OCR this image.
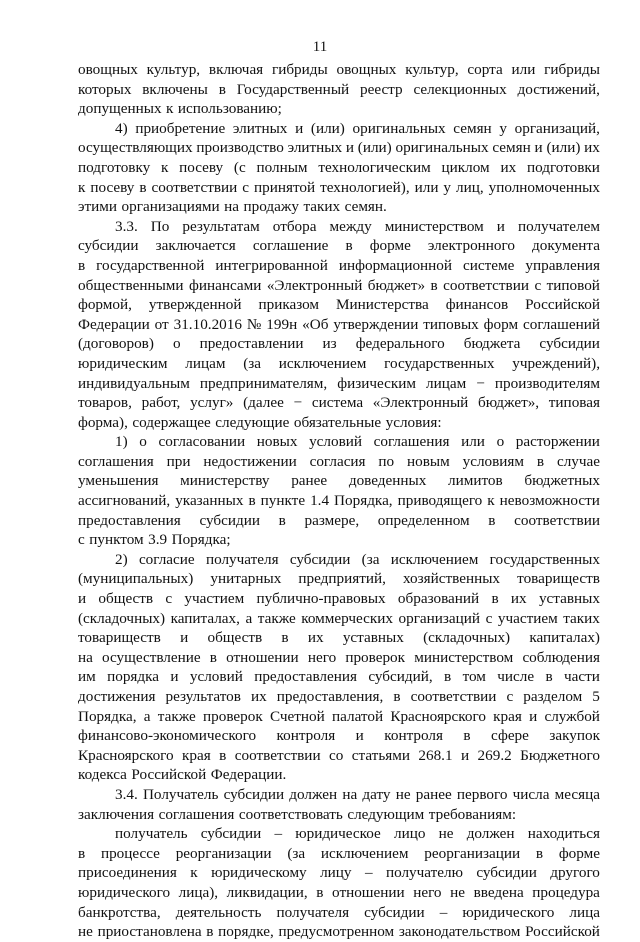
11
овощных культур, включая гибриды овощных культур, сорта или гибриды
которых включены в Государственный реестр селекционных достижений,
допущенных к использованию;
4) приобретение элитных и (или) оригинальных семян у организаций,
осуществляющих производство элитных и (или) оригинальных семян и (или) их
подготовку к посеву (с полным технологическим циклом их подготовки
к посеву в соответствии с принятой технологией), или у лиц, уполномоченных
этими организациями на продажу таких семян.
3.3. По результатам отбора между министерством и получателем
субсидии заключается соглашение в форме электронного документа
в государственной интегрированной информационной системе управления
общественными финансами «Электронный бюджет» в соответствии с типовой
формой, утвержденной приказом Министерства финансов Российской
Федерации от 31.10.2016 № 199н «Об утверждении типовых форм соглашений
(договоров) о предоставлении из федерального бюджета субсидии
юридическим лицам (за исключением государственных учреждений),
индивидуальным предпринимателям, физическим лицам − производителям
товаров, работ, услуг» (далее − система «Электронный бюджет», типовая
форма), содержащее следующие обязательные условия:
1) о согласовании новых условий соглашения или о расторжении
соглашения при недостижении согласия по новым условиям в случае
уменьшения министерству ранее доведенных лимитов бюджетных
ассигнований, указанных в пункте 1.4 Порядка, приводящего к невозможности
предоставления субсидии в размере, определенном в соответствии
с пунктом 3.9 Порядка;
2) согласие получателя субсидии (за исключением государственных
(муниципальных) унитарных предприятий, хозяйственных товариществ
и обществ с участием публично-правовых образований в их уставных
(складочных) капиталах, а также коммерческих организаций с участием таких
товариществ и обществ в их уставных (складочных) капиталах)
на осуществление в отношении него проверок министерством соблюдения
им порядка и условий предоставления субсидий, в том числе в части
достижения результатов их предоставления, в соответствии с разделом 5
Порядка, а также проверок Счетной палатой Красноярского края и службой
финансово-экономического контроля и контроля в сфере закупок
Красноярского края в соответствии со статьями 268.1 и 269.2 Бюджетного
кодекса Российской Федерации.
3.4. Получатель субсидии должен на дату не ранее первого числа месяца
заключения соглашения соответствовать следующим требованиям:
получатель субсидии – юридическое лицо не должен находиться
в процессе реорганизации (за исключением реорганизации в форме
присоединения к юридическому лицу – получателю субсидии другого
юридического лица), ликвидации, в отношении него не введена процедура
банкротства, деятельность получателя субсидии – юридического лица
не приостановлена в порядке, предусмотренном законодательством Российской
